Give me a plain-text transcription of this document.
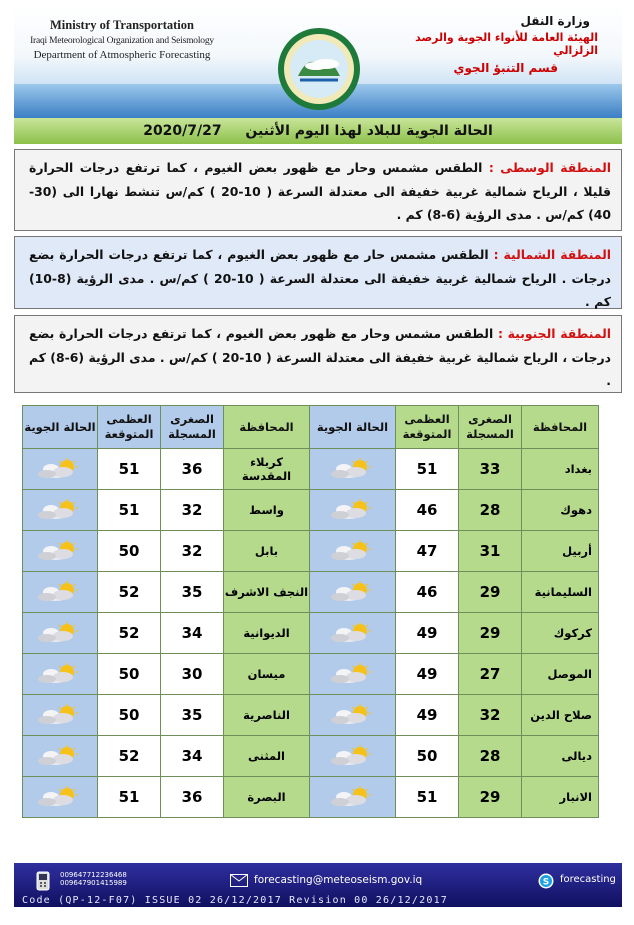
Ministry of Transportation
Iraqi Meteorological Organization and Seismology
Department of Atmospheric Forecasting
وزارة النقل
الهيئة العامة للأنواء الجوية والرصد الزلزالي
قسم التنبؤ الجوي
الحالة الجوية للبلاد لهذا اليوم الأثنين  2020/7/27
المنطقة الوسطى : الطقس مشمس وحار مع ظهور بعض الغيوم ، كما ترتفع درجات الحرارة قليلا ، الرياح شمالية غربية خفيفة الى معتدلة السرعة ( 10-20 ) كم/س تنشط نهارا الى (30-40) كم/س . مدى الرؤية (6-8) كم .
المنطقة الشمالية : الطقس مشمس حار مع ظهور بعض الغيوم ، كما ترتفع درجات الحرارة بضع درجات . الرياح شمالية غربية خفيفة الى معتدلة السرعة ( 10-20 ) كم/س . مدى الرؤية (8-10) كم .
المنطقة الجنوبية : الطقس مشمس وحار مع ظهور بعض الغيوم ، كما ترتفع درجات الحرارة بضع درجات ، الرياح شمالية غربية خفيفة الى معتدلة السرعة ( 10-20 ) كم/س . مدى الرؤية (6-8) كم .
المحافظة	الصغرى المسجلة	العظمى المتوقعة	الحالة الجوية	المحافظة	الصغرى المسجلة	العظمى المتوقعة	الحالة الجوية
بغداد	33	51		كربلاء المقدسة	36	51	
دهوك	28	46		واسط	32	51	
أربيل	31	47		بابل	32	50	
السليمانية	29	46		النجف الاشرف	35	52	
كركوك	29	49		الديوانية	34	52	
الموصل	27	49		ميسان	30	50	
صلاح الدين	32	49		الناصرية	35	50	
ديالى	28	50		المثنى	34	52	
الانبار	29	51		البصرة	36	51	
009647712236468
009647901415989	forecasting@meteoseism.gov.iq	S forecasting
Code (QP-12-F07) ISSUE 02 26/12/2017 Revision 00 26/12/2017
